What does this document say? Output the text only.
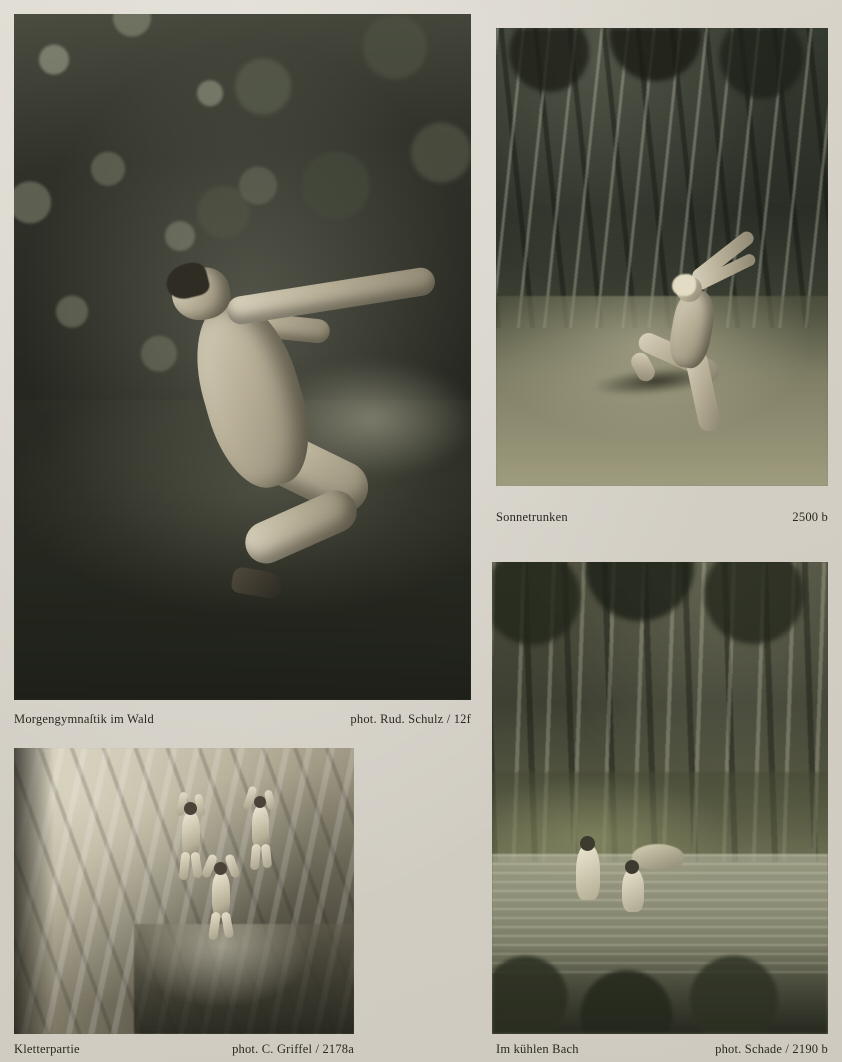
Morgengymnaſtik im Wald	phot. Rud. Schulz / 12f
Sonnetrunken	2500 b
Kletterpartie	phot. C. Griffel / 2178a	Im kühlen Bach	phot. Schade / 2190 b
